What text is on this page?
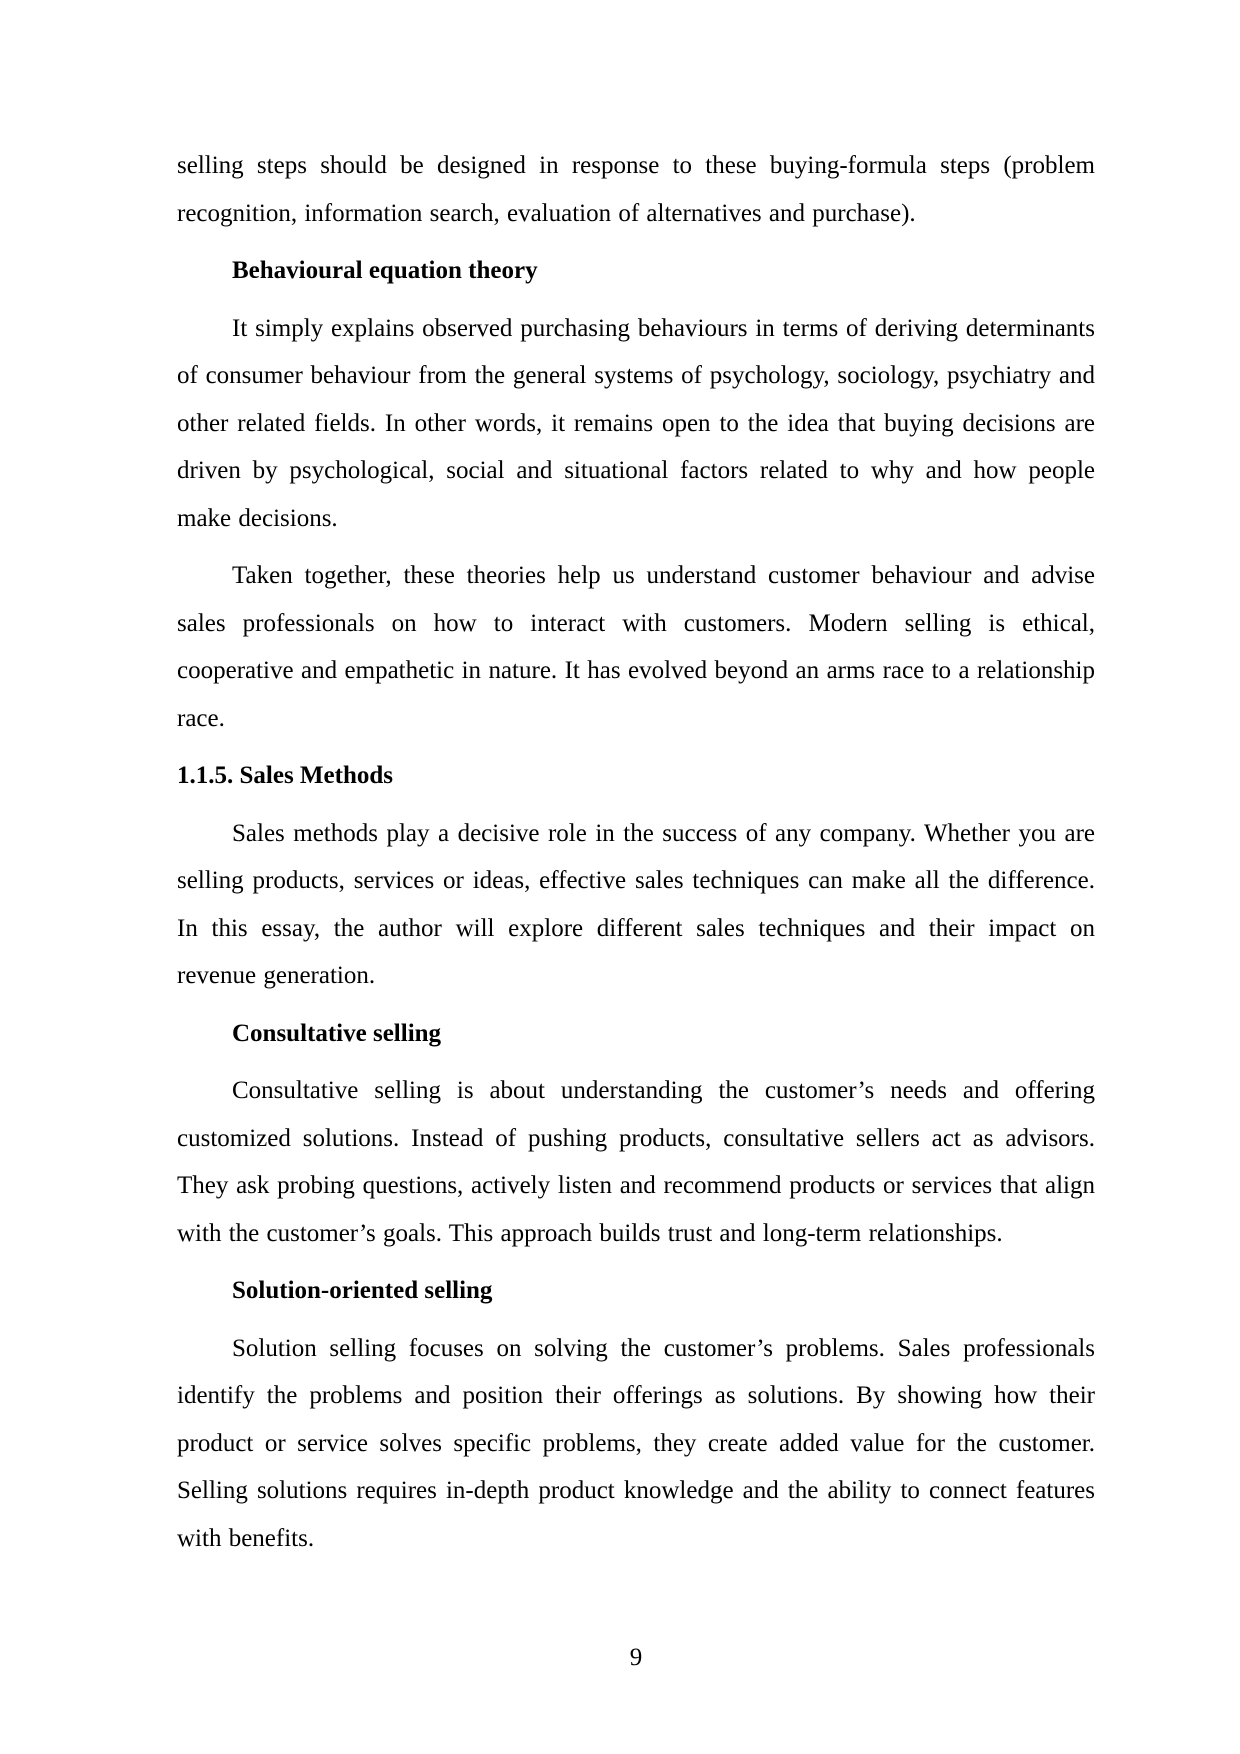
selling steps should be designed in response to these buying-formula steps (problem recognition, information search, evaluation of alternatives and purchase).

Behavioural equation theory

It simply explains observed purchasing behaviours in terms of deriving determinants of consumer behaviour from the general systems of psychology, sociology, psychiatry and other related fields. In other words, it remains open to the idea that buying decisions are driven by psychological, social and situational factors related to why and how people make decisions.

Taken together, these theories help us understand customer behaviour and advise sales professionals on how to interact with customers. Modern selling is ethical, cooperative and empathetic in nature. It has evolved beyond an arms race to a relationship race.

1.1.5. Sales Methods

Sales methods play a decisive role in the success of any company. Whether you are selling products, services or ideas, effective sales techniques can make all the difference. In this essay, the author will explore different sales techniques and their impact on revenue generation.

Consultative selling

Consultative selling is about understanding the customer’s needs and offering customized solutions. Instead of pushing products, consultative sellers act as advisors. They ask probing questions, actively listen and recommend products or services that align with the customer’s goals. This approach builds trust and long-term relationships.

Solution-oriented selling

Solution selling focuses on solving the customer’s problems. Sales professionals identify the problems and position their offerings as solutions. By showing how their product or service solves specific problems, they create added value for the customer. Selling solutions requires in-depth product knowledge and the ability to connect features with benefits.

9
